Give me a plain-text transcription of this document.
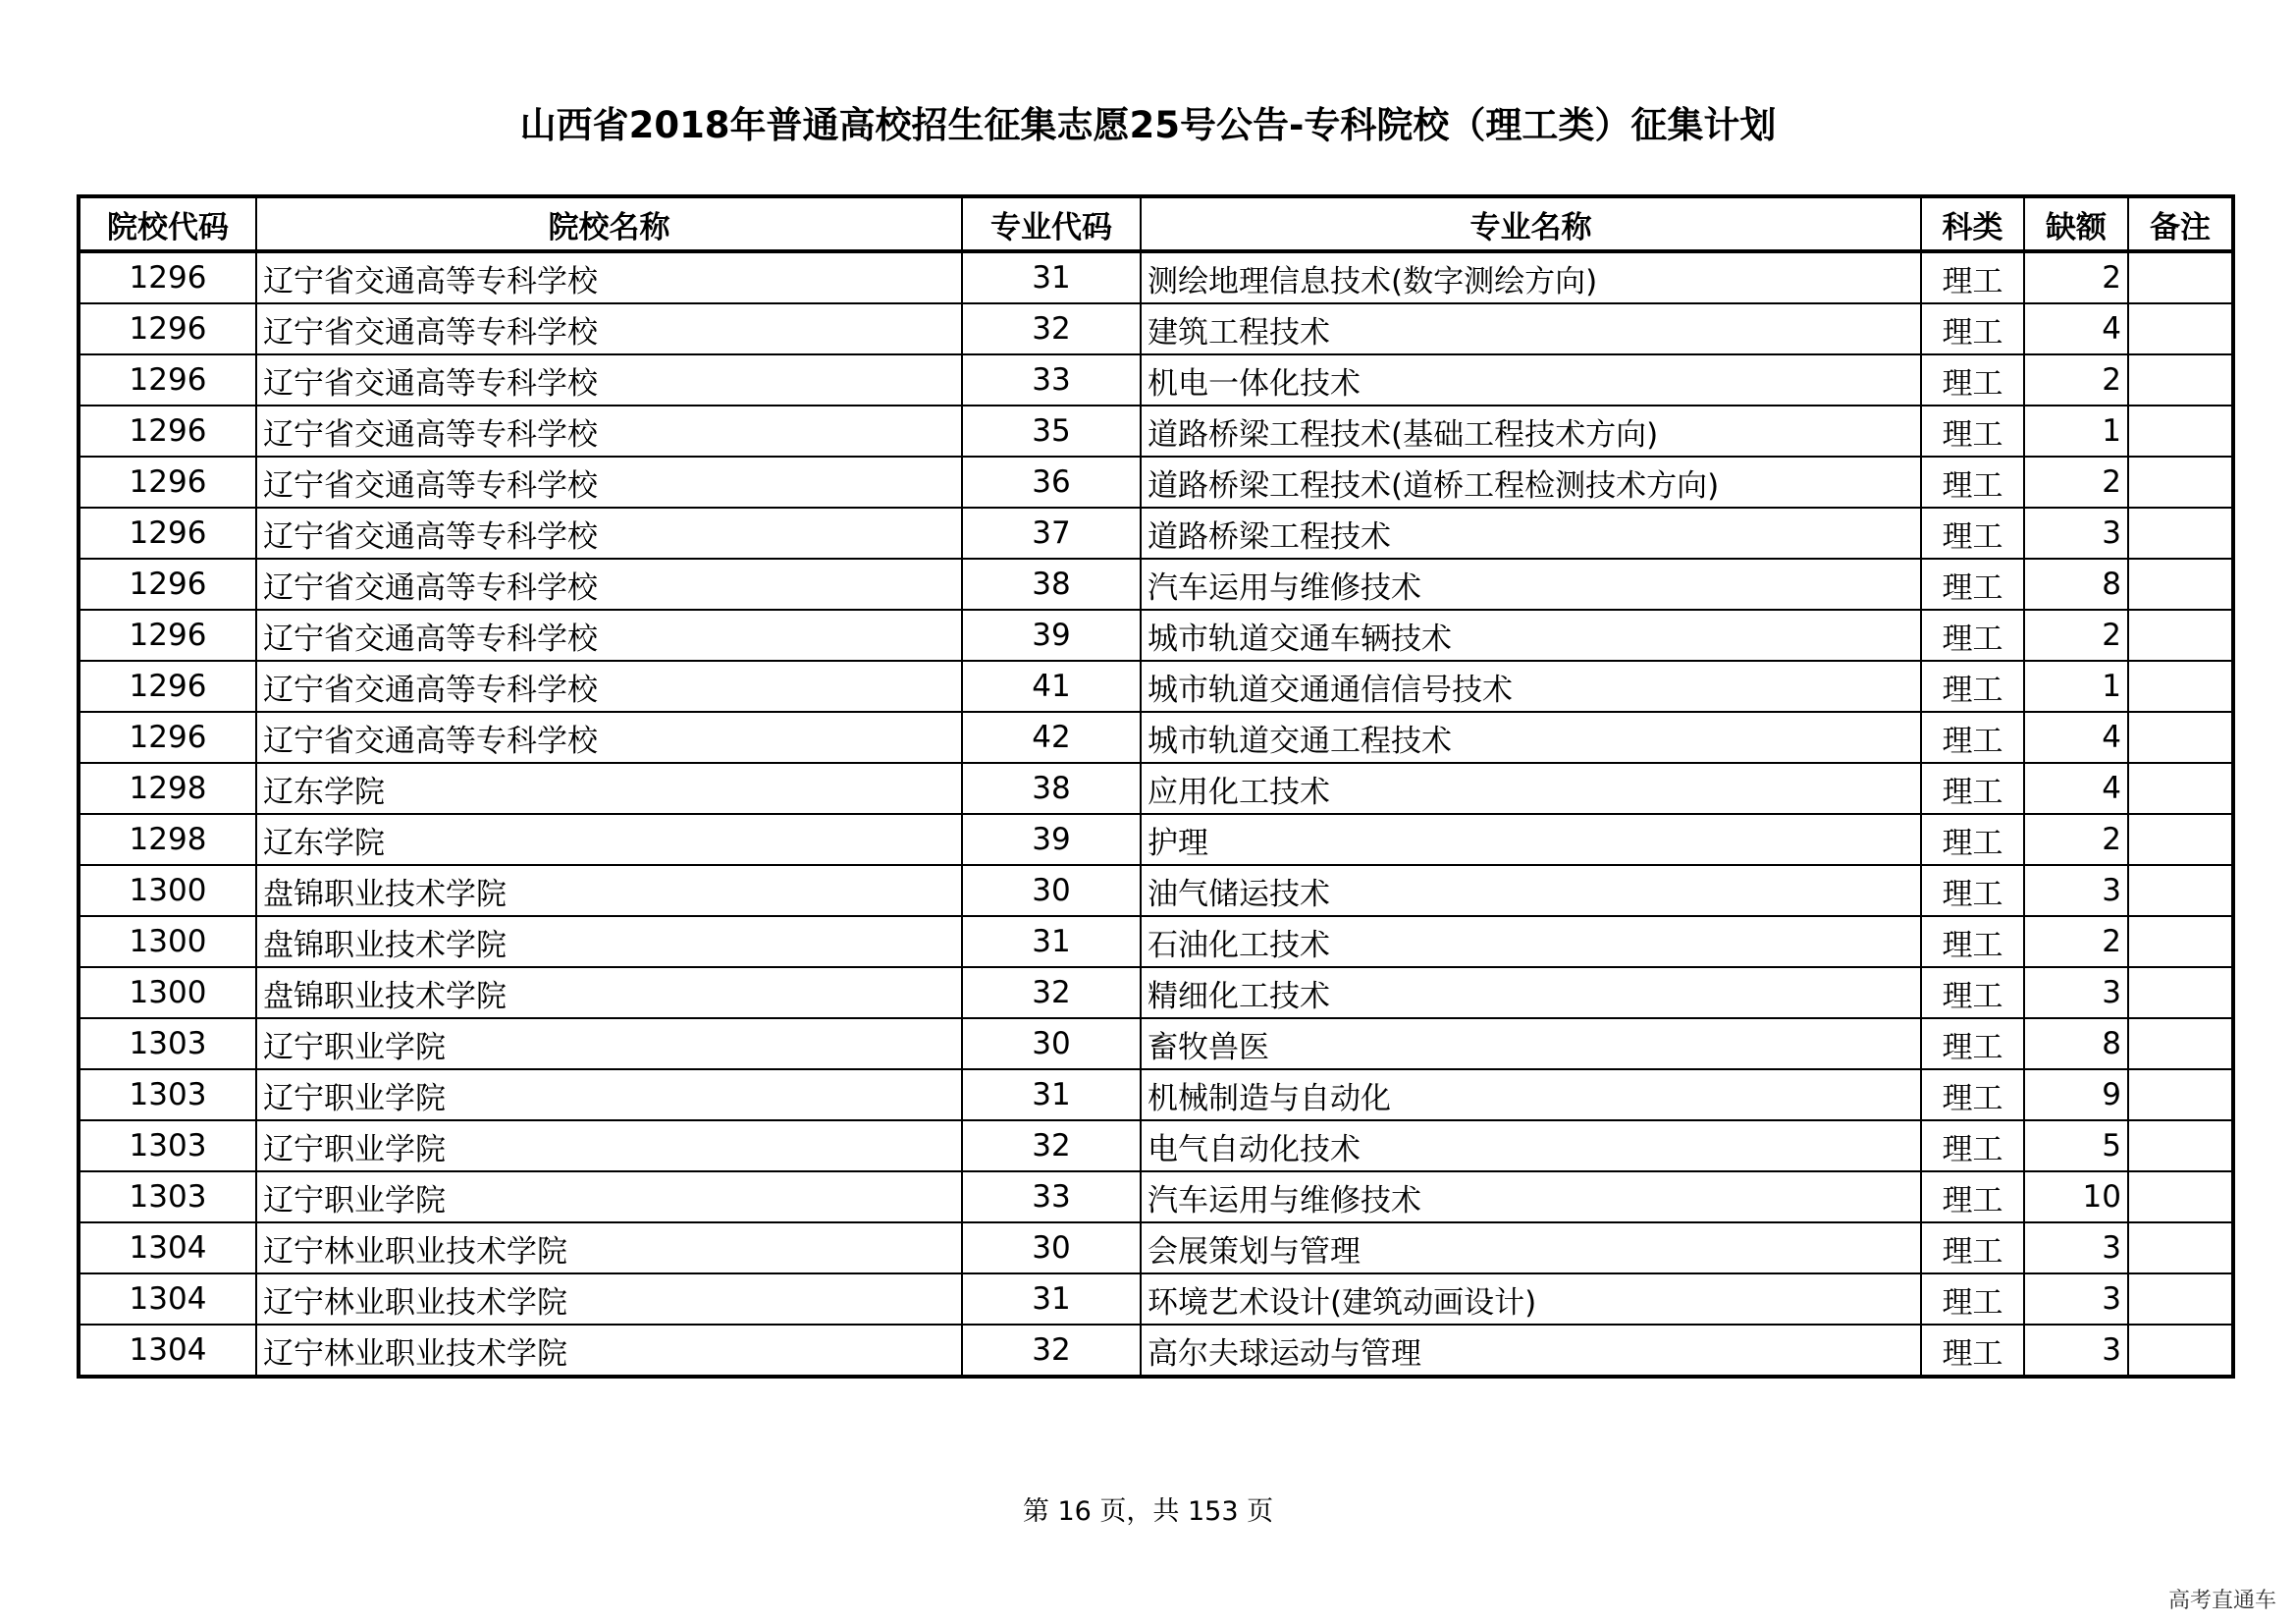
山西省2018年普通高校招生征集志愿25号公告-专科院校（理工类）征集计划
院校代码	院校名称	专业代码	专业名称	科类	缺额	备注
1296	辽宁省交通高等专科学校	31	测绘地理信息技术(数字测绘方向)	理工	2	
1296	辽宁省交通高等专科学校	32	建筑工程技术	理工	4	
1296	辽宁省交通高等专科学校	33	机电一体化技术	理工	2	
1296	辽宁省交通高等专科学校	35	道路桥梁工程技术(基础工程技术方向)	理工	1	
1296	辽宁省交通高等专科学校	36	道路桥梁工程技术(道桥工程检测技术方向)	理工	2	
1296	辽宁省交通高等专科学校	37	道路桥梁工程技术	理工	3	
1296	辽宁省交通高等专科学校	38	汽车运用与维修技术	理工	8	
1296	辽宁省交通高等专科学校	39	城市轨道交通车辆技术	理工	2	
1296	辽宁省交通高等专科学校	41	城市轨道交通通信信号技术	理工	1	
1296	辽宁省交通高等专科学校	42	城市轨道交通工程技术	理工	4	
1298	辽东学院	38	应用化工技术	理工	4	
1298	辽东学院	39	护理	理工	2	
1300	盘锦职业技术学院	30	油气储运技术	理工	3	
1300	盘锦职业技术学院	31	石油化工技术	理工	2	
1300	盘锦职业技术学院	32	精细化工技术	理工	3	
1303	辽宁职业学院	30	畜牧兽医	理工	8	
1303	辽宁职业学院	31	机械制造与自动化	理工	9	
1303	辽宁职业学院	32	电气自动化技术	理工	5	
1303	辽宁职业学院	33	汽车运用与维修技术	理工	10	
1304	辽宁林业职业技术学院	30	会展策划与管理	理工	3	
1304	辽宁林业职业技术学院	31	环境艺术设计(建筑动画设计)	理工	3	
1304	辽宁林业职业技术学院	32	高尔夫球运动与管理	理工	3	
第 16 页，共 153 页
高考直通车
